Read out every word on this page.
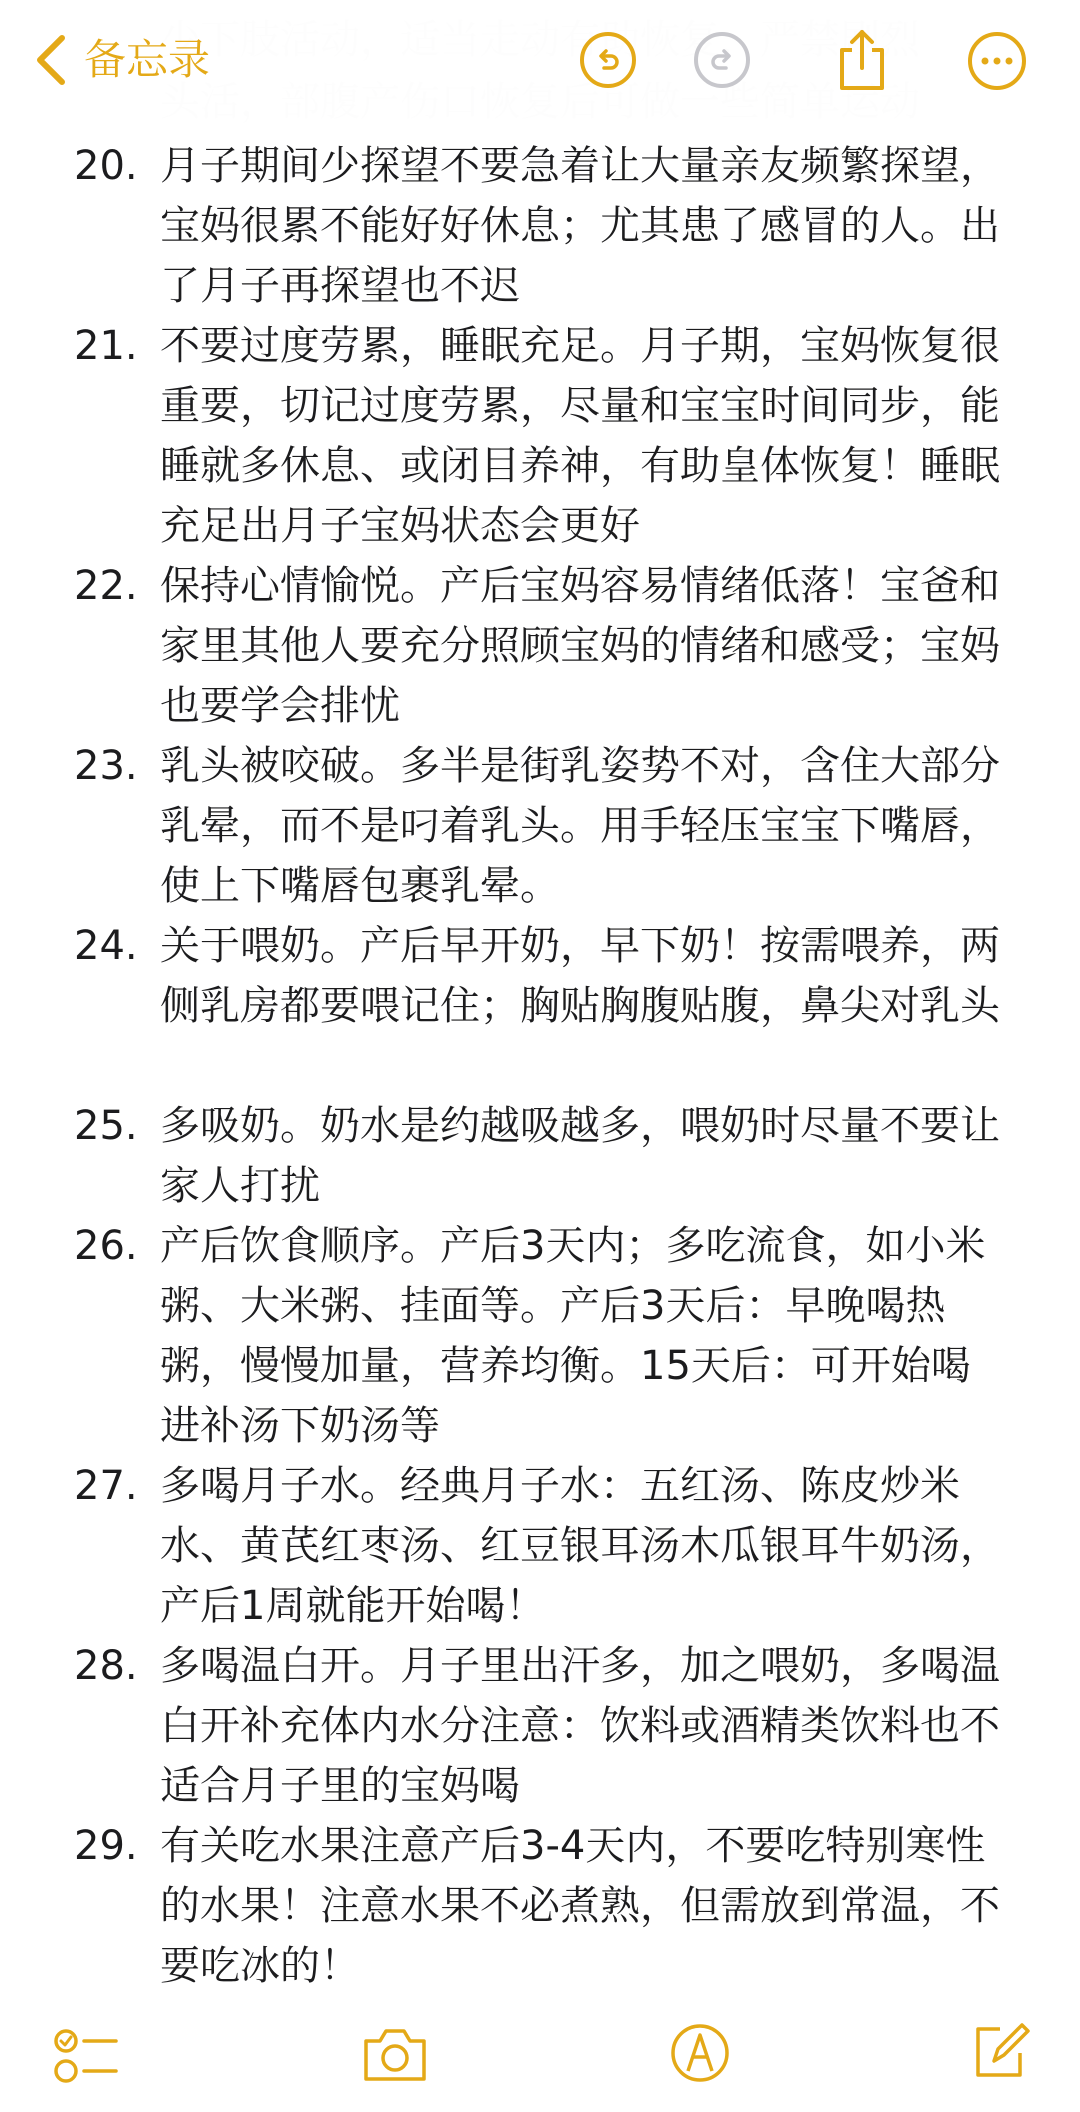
20. 月子期间少探望不要急着让大量亲友频繁探望，宝妈很累不能好好休息；尤其患了感冒的人。出了月子再探望也不迟
21. 不要过度劳累，睡眠充足。月子期，宝妈恢复很重要，切记过度劳累，尽量和宝宝时间同步，能睡就多休息、或闭目养神，有助皇体恢复！睡眠充足出月子宝妈状态会更好
22. 保持心情愉悦。产后宝妈容易情绪低落！宝爸和家里其他人要充分照顾宝妈的情绪和感受；宝妈也要学会排忧
23. 乳头被咬破。多半是街乳姿势不对，含住大部分乳晕，而不是叼着乳头。用手轻压宝宝下嘴唇，使上下嘴唇包裹乳晕。
24. 关于喂奶。产后早开奶，早下奶！按需喂养，两侧乳房都要喂记住；胸贴胸腹贴腹，鼻尖对乳头
25. 多吸奶。奶水是约越吸越多，喂奶时尽量不要让家人打扰
26. 产后饮食顺序。产后3天内；多吃流食，如小米粥、大米粥、挂面等。产后3天后：早晚喝热粥，慢慢加量，营养均衡。15天后：可开始喝进补汤下奶汤等
27. 多喝月子水。经典月子水：五红汤、陈皮炒米水、黄芪红枣汤、红豆银耳汤木瓜银耳牛奶汤，产后1周就能开始喝！
28. 多喝温白开。月子里出汗多，加之喂奶，多喝温白开补充体内水分注意：饮料或酒精类饮料也不适合月子里的宝妈喝
29. 有关吃水果注意产后3-4天内，不要吃特别寒性的水果！注意水果不必煮熟，但需放到常温，不要吃冰的！
备忘录
